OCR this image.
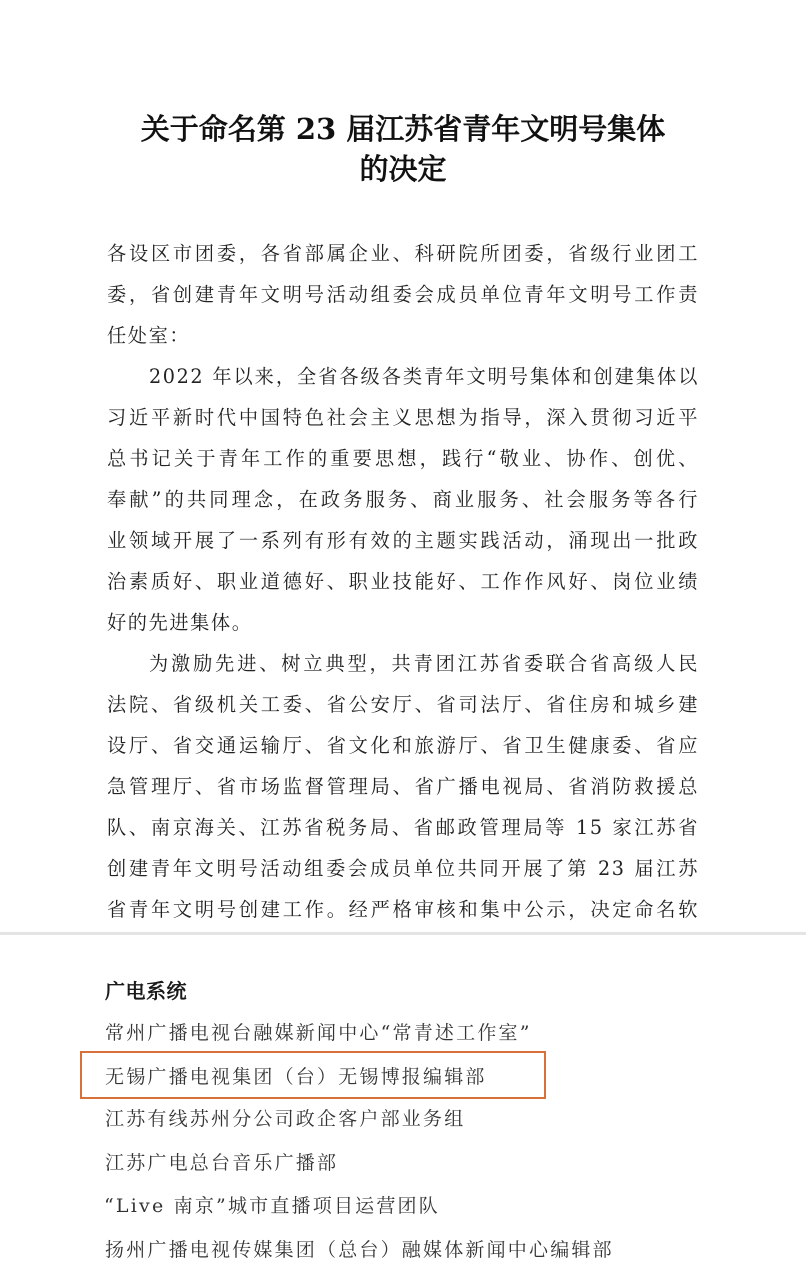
关于命名第 23 届江苏省青年文明号集体
的决定
各设区市团委，各省部属企业、科研院所团委，省级行业团工
委，省创建青年文明号活动组委会成员单位青年文明号工作责
任处室：
2022 年以来，全省各级各类青年文明号集体和创建集体以
习近平新时代中国特色社会主义思想为指导，深入贯彻习近平
总书记关于青年工作的重要思想，践行“敬业、协作、创优、
奉献”的共同理念，在政务服务、商业服务、社会服务等各行
业领域开展了一系列有形有效的主题实践活动，涌现出一批政
治素质好、职业道德好、职业技能好、工作作风好、岗位业绩
好的先进集体。
为激励先进、树立典型，共青团江苏省委联合省高级人民
法院、省级机关工委、省公安厅、省司法厅、省住房和城乡建
设厅、省交通运输厅、省文化和旅游厅、省卫生健康委、省应
急管理厅、省市场监督管理局、省广播电视局、省消防救援总
队、南京海关、江苏省税务局、省邮政管理局等 15 家江苏省
创建青年文明号活动组委会成员单位共同开展了第 23 届江苏
省青年文明号创建工作。经严格审核和集中公示，决定命名软
广电系统
常州广播电视台融媒新闻中心“常青述工作室”
无锡广播电视集团（台）无锡博报编辑部
江苏有线苏州分公司政企客户部业务组
江苏广电总台音乐广播部
“Live 南京”城市直播项目运营团队
扬州广播电视传媒集团（总台）融媒体新闻中心编辑部
